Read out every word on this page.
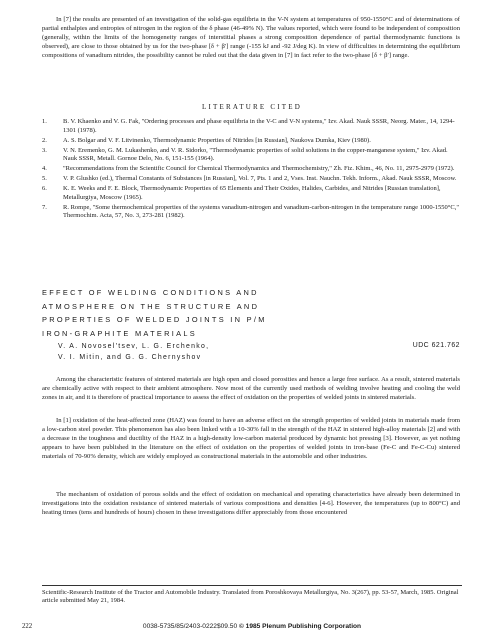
In [7] the results are presented of an investigation of the solid-gas equilibria in the V-N system at temperatures of 950-1550°C and of determinations of partial enthalpies and entropies of nitrogen in the region of the δ phase (46-49% N). The values reported, which were found to be independent of composition (generally, within the limits of the homogeneity ranges of interstitial phases a strong composition dependence of partial thermodynamic functions is observed), are close to those obtained by us for the two-phase [δ + β′] range (-155 kJ and -92 J/deg K). In view of difficulties in determining the equilibrium compositions of vanadium nitrides, the possibility cannot be ruled out that the data given in [7] in fact refer to the two-phase [δ + β′] range.

LITERATURE CITED
1. B. V. Khaenko and V. G. Fak, "Ordering processes and phase equilibria in the V-C and V-N systems," Izv. Akad. Nauk SSSR, Neorg. Mater., 14, 1294-1301 (1978).
2. A. S. Bolgar and V. F. Litvinenko, Thermodynamic Properties of Nitrides [in Russian], Naukova Dumka, Kiev (1980).
3. V. N. Eremenko, G. M. Lukashenko, and V. R. Sidorko, "Thermodynamic properties of solid solutions in the copper-manganese system," Izv. Akad. Nauk SSSR, Metall. Gornoe Delo, No. 6, 151-155 (1964).
4. "Recommendations from the Scientific Council for Chemical Thermodynamics and Thermochemistry," Zh. Fiz. Khim., 46, No. 11, 2975-2979 (1972).
5. V. P. Glushko (ed.), Thermal Constants of Substances [in Russian], Vol. 7, Pts. 1 and 2, Vses. Inst. Nauchn. Tekh. Inform., Akad. Nauk SSSR, Moscow.
6. K. E. Weeks and F. E. Block, Thermodynamic Properties of 65 Elements and Their Oxides, Halides, Carbides, and Nitrides [Russian translation], Metallurgiya, Moscow (1965).
7. R. Rompe, "Some thermochemical properties of the systems vanadium-nitrogen and vanadium-carbon-nitrogen in the temperature range 1000-1550°C," Thermochim. Acta, 57, No. 3, 273-281 (1982).
EFFECT OF WELDING CONDITIONS AND
ATMOSPHERE ON THE STRUCTURE AND
PROPERTIES OF WELDED JOINTS IN P/M
IRON-GRAPHITE MATERIALS
V. A. Novosel'tsev, L. G. Erchenko,
V. I. Mitin, and G. G. Chernyshov
UDC 621.762

Among the characteristic features of sintered materials are high open and closed porosities and hence a large free surface. As a result, sintered materials are chemically active with respect to their ambient atmosphere. Now most of the currently used methods of welding involve heating and cooling the weld zones in air, and it is therefore of practical importance to assess the effect of oxidation on the properties of welded joints in sintered materials.

In [1] oxidation of the heat-affected zone (HAZ) was found to have an adverse effect on the strength properties of welded joints in materials made from a low-carbon steel powder. This phenomenon has also been linked with a 10-30% fall in the strength of the HAZ in sintered high-alloy materials [2] and with a decrease in the toughness and ductility of the HAZ in a high-density low-carbon material produced by dynamic hot pressing [3]. However, as yet nothing appears to have been published in the literature on the effect of oxidation on the properties of welded joints in iron-base (Fe-C and Fe-C-Cu) sintered materials of 70-90% density, which are widely employed as constructional materials in the automobile and other industries.

The mechanism of oxidation of porous solids and the effect of oxidation on mechanical and operating characteristics have already been determined in investigations into the oxidation resistance of sintered materials of various compositions and densities [4-6]. However, the temperatures (up to 800°C) and heating times (tens and hundreds of hours) chosen in these investigations differ appreciably from those encountered

Scientific-Research Institute of the Tractor and Automobile Industry. Translated from Poroshkovaya Metallurgiya, No. 3(267), pp. 53-57, March, 1985. Original article submitted May 21, 1984.

222	0038-5735/85/2403-0222$09.50 © 1985 Plenum Publishing Corporation
